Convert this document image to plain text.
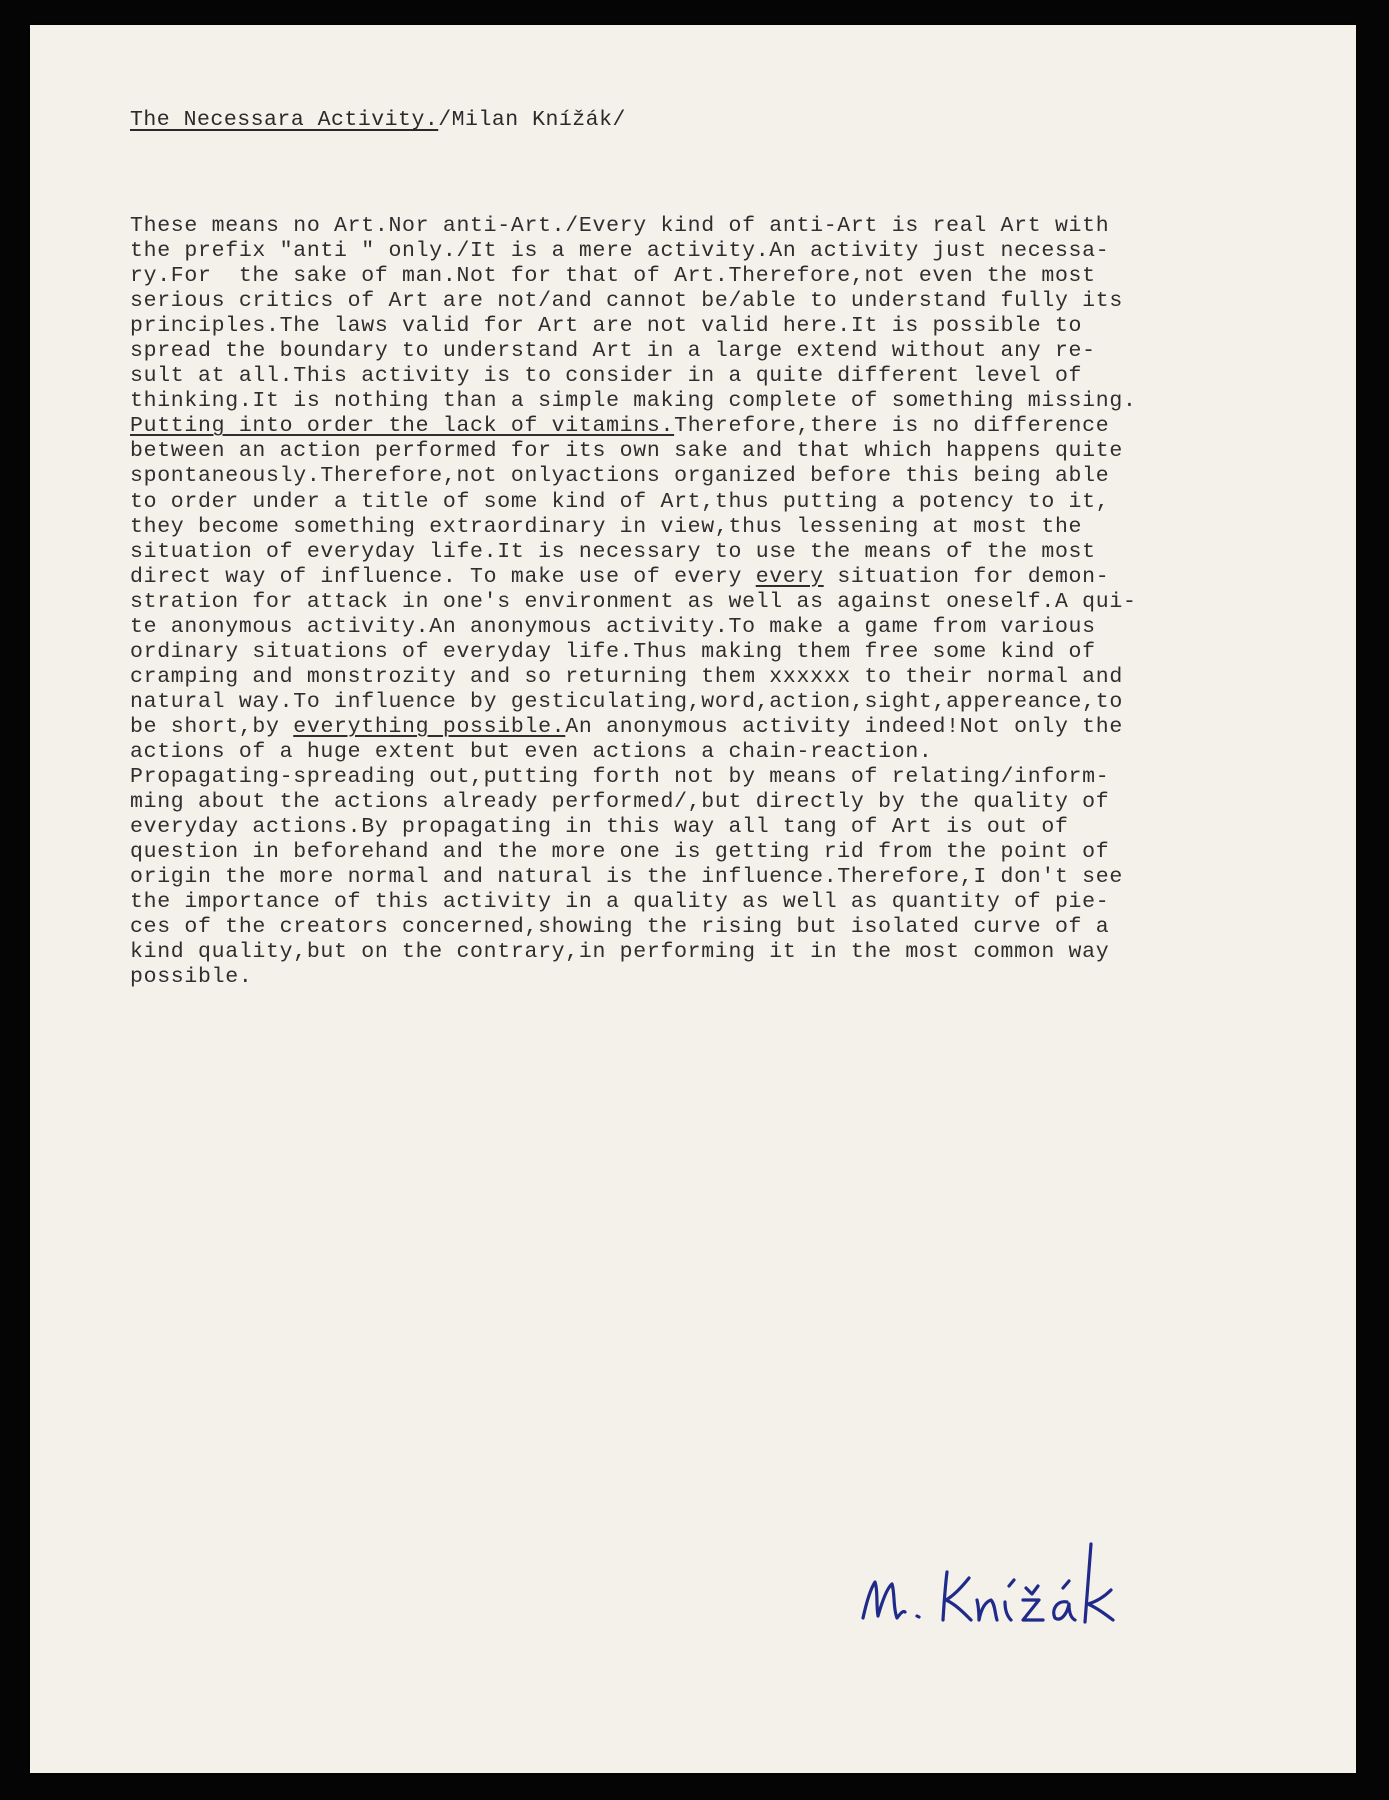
The Necessara Activity./Milan Knížák/
These means no Art.Nor anti-Art./Every kind of anti-Art is real Art with
the prefix "anti " only./It is a mere activity.An activity just necessa-
ry.For  the sake of man.Not for that of Art.Therefore,not even the most
serious critics of Art are not/and cannot be/able to understand fully its
principles.The laws valid for Art are not valid here.It is possible to
spread the boundary to understand Art in a large extend without any re-
sult at all.This activity is to consider in a quite different level of
thinking.It is nothing than a simple making complete of something missing.
Putting into order the lack of vitamins.Therefore,there is no difference
between an action performed for its own sake and that which happens quite
spontaneously.Therefore,not onlyactions organized before this being able
to order under a title of some kind of Art,thus putting a potency to it,
they become something extraordinary in view,thus lessening at most the
situation of everyday life.It is necessary to use the means of the most
direct way of influence. To make use of every every situation for demon-
stration for attack in one's environment as well as against oneself.A qui-
te anonymous activity.An anonymous activity.To make a game from various
ordinary situations of everyday life.Thus making them free some kind of
cramping and monstrozity and so returning them xxxxxx to their normal and
natural way.To influence by gesticulating,word,action,sight,appereance,to
be short,by everything possible.An anonymous activity indeed!Not only the
actions of a huge extent but even actions a chain-reaction.
Propagating-spreading out,putting forth not by means of relating/inform-
ming about the actions already performed/,but directly by the quality of
everyday actions.By propagating in this way all tang of Art is out of
question in beforehand and the more one is getting rid from the point of
origin the more normal and natural is the influence.Therefore,I don't see
the importance of this activity in a quality as well as quantity of pie-
ces of the creators concerned,showing the rising but isolated curve of a
kind quality,but on the contrary,in performing it in the most common way
possible.
